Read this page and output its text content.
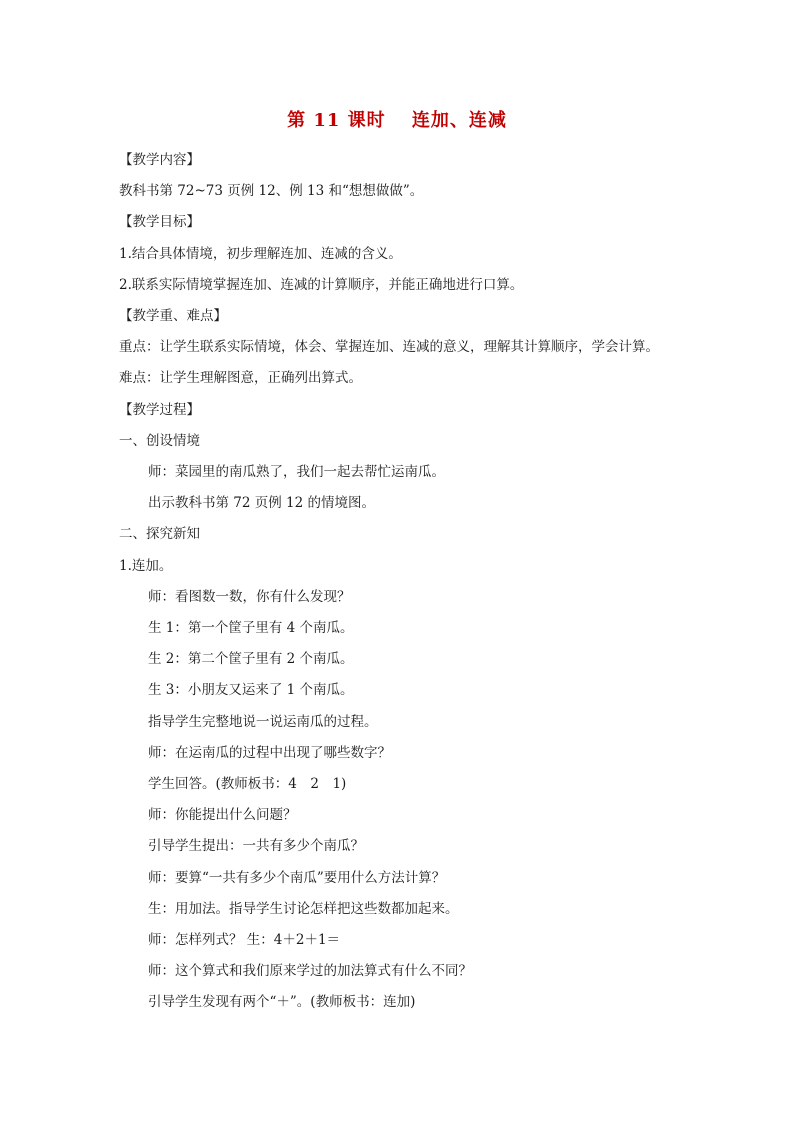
第 11 课时　 连加、连减
【教学内容】
教科书第 72~73 页例 12、例 13 和“想想做做”。
【教学目标】
1.结合具体情境，初步理解连加、连减的含义。
2.联系实际情境掌握连加、连减的计算顺序，并能正确地进行口算。
【教学重、难点】
重点：让学生联系实际情境，体会、掌握连加、连减的意义，理解其计算顺序，学会计算。
难点：让学生理解图意，正确列出算式。
【教学过程】
一、创设情境
师：菜园里的南瓜熟了，我们一起去帮忙运南瓜。
出示教科书第 72 页例 12 的情境图。
二、探究新知
1.连加。
师：看图数一数，你有什么发现？
生 1：第一个筐子里有 4 个南瓜。
生 2：第二个筐子里有 2 个南瓜。
生 3：小朋友又运来了 1 个南瓜。
指导学生完整地说一说运南瓜的过程。
师：在运南瓜的过程中出现了哪些数字？
学生回答。(教师板书：4　2　1)
师：你能提出什么问题？
引导学生提出：一共有多少个南瓜？
师：要算“一共有多少个南瓜”要用什么方法计算？
生：用加法。指导学生讨论怎样把这些数都加起来。
师：怎样列式？ 生：4＋2＋1＝
师：这个算式和我们原来学过的加法算式有什么不同？
引导学生发现有两个“＋”。(教师板书：连加)
